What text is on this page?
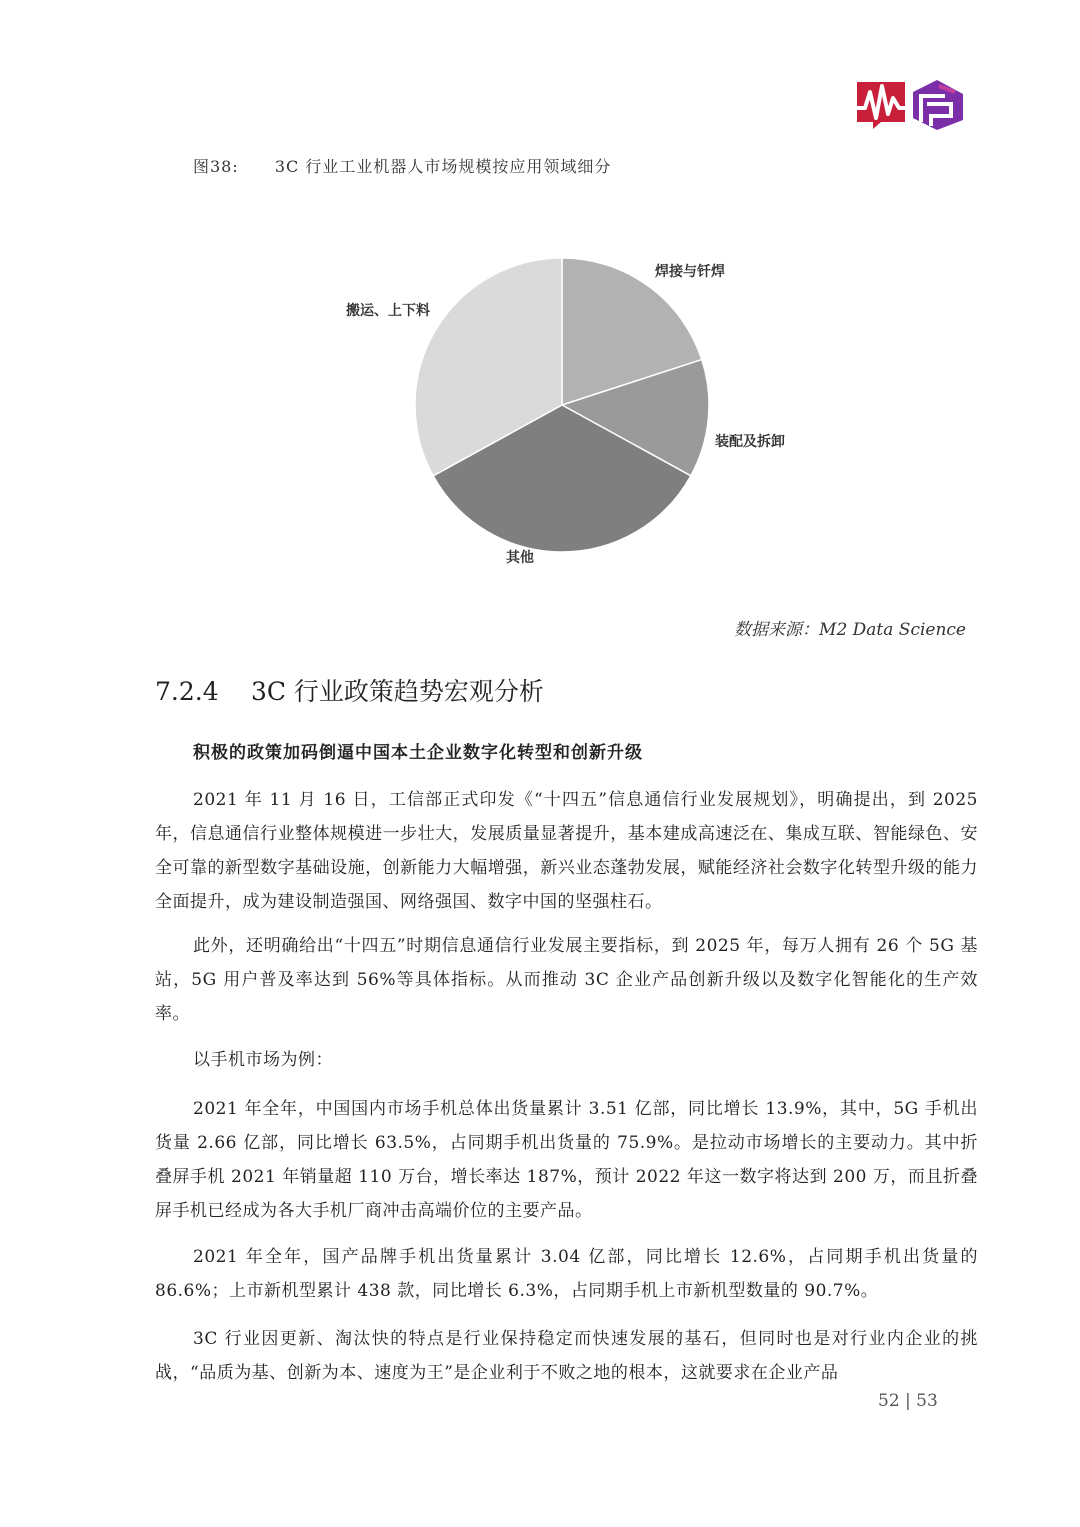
图38: 3C 行业工业机器人市场规模按应用领域细分
焊接与钎焊
装配及拆卸
其他
搬运、上下料
数据来源：M2 Data Science
7.2.4 3C 行业政策趋势宏观分析
积极的政策加码倒逼中国本土企业数字化转型和创新升级
2021 年 11 月 16 日，工信部正式印发《“十四五”信息通信行业发展规划》，明确提出，到 2025 年，信息通信行业整体规模进一步壮大，发展质量显著提升，基本建成高速泛在、集成互联、智能绿色、安全可靠的新型数字基础设施，创新能力大幅增强，新兴业态蓬勃发展，赋能经济社会数字化转型升级的能力全面提升，成为建设制造强国、网络强国、数字中国的坚强柱石。
此外，还明确给出“十四五”时期信息通信行业发展主要指标，到 2025 年，每万人拥有 26 个 5G 基站，5G 用户普及率达到 56%等具体指标。从而推动 3C 企业产品创新升级以及数字化智能化的生产效率。
以手机市场为例：
2021 年全年，中国国内市场手机总体出货量累计 3.51 亿部，同比增长 13.9%，其中，5G 手机出货量 2.66 亿部，同比增长 63.5%，占同期手机出货量的 75.9%。是拉动市场增长的主要动力。其中折叠屏手机 2021 年销量超 110 万台，增长率达 187%，预计 2022 年这一数字将达到 200 万，而且折叠屏手机已经成为各大手机厂商冲击高端价位的主要产品。
2021 年全年，国产品牌手机出货量累计 3.04 亿部，同比增长 12.6%，占同期手机出货量的 86.6%；上市新机型累计 438 款，同比增长 6.3%，占同期手机上市新机型数量的 90.7%。
3C 行业因更新、淘汰快的特点是行业保持稳定而快速发展的基石，但同时也是对行业内企业的挑战，“品质为基、创新为本、速度为王”是企业利于不败之地的根本，这就要求在企业产品
52 | 53
